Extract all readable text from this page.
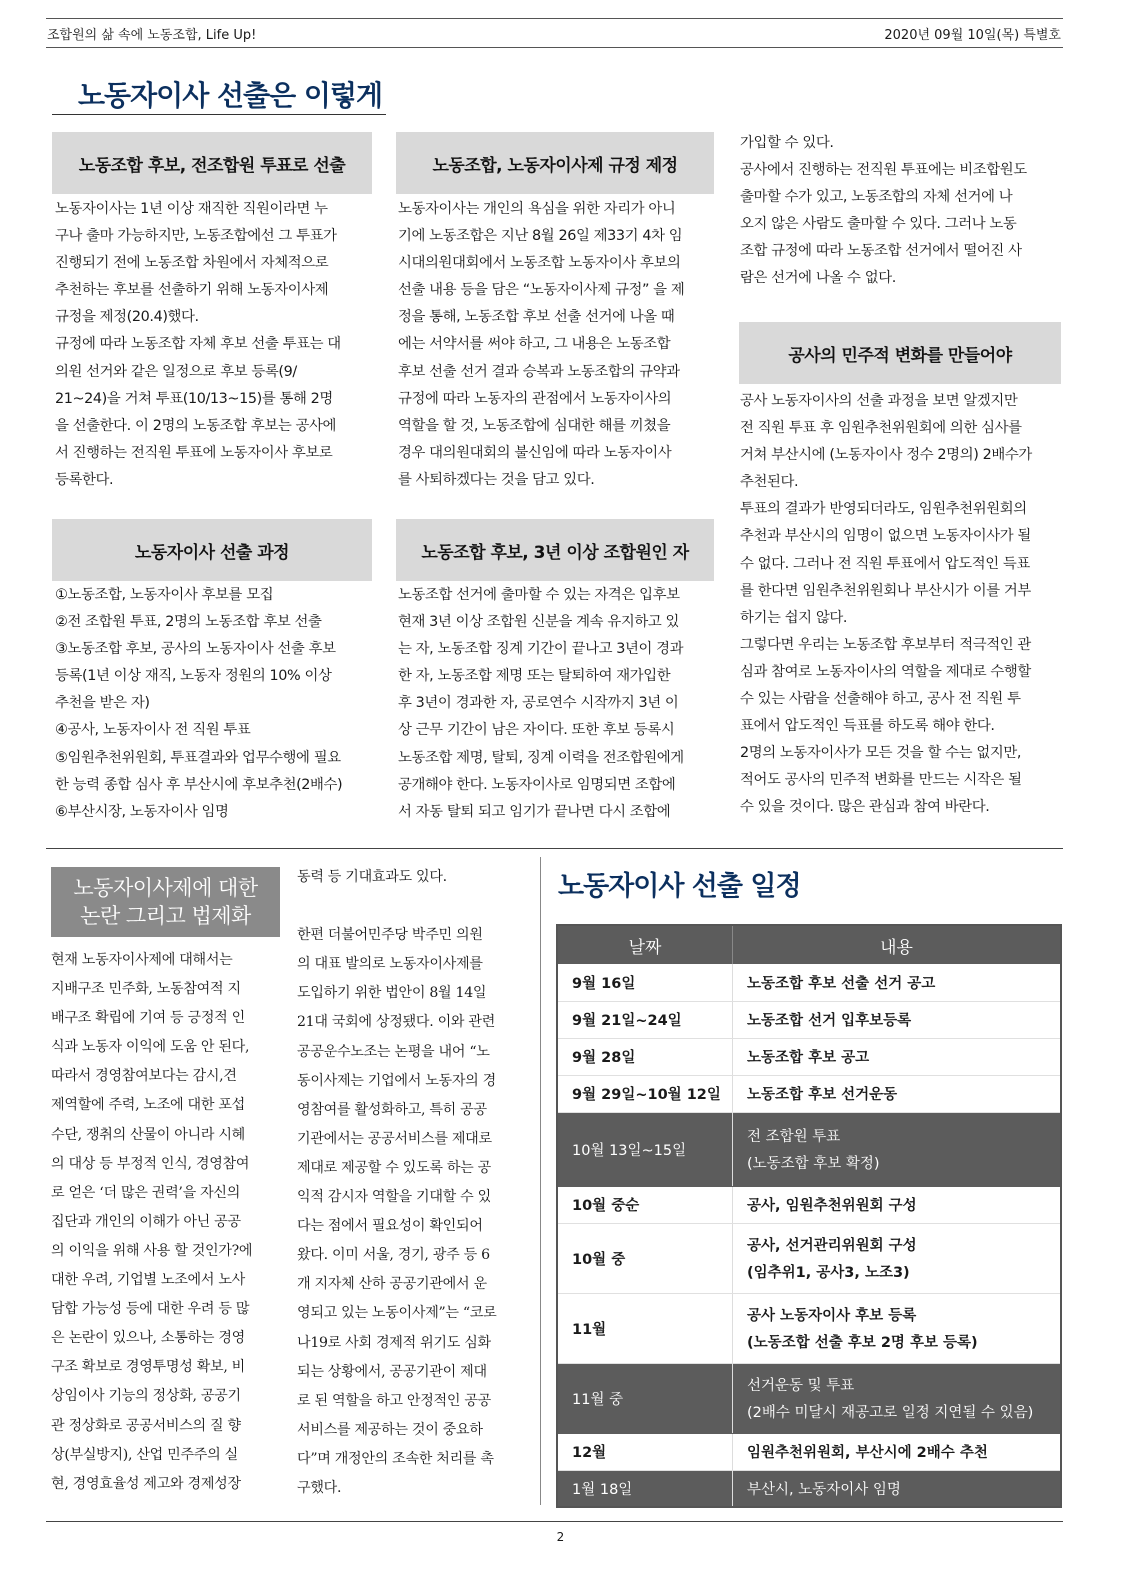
조합원의 삶 속에 노동조합, Life Up!	2020년 09월 10일(목) 특별호
노동자이사 선출은 이렇게
노동조합 후보, 전조합원 투표로 선출	노동조합, 노동자이사제 규정 제정
노동자이사 선출 과정	노동조합 후보, 3년 이상 조합원인 자
공사의 민주적 변화를 만들어야
노동자이사는 1년 이상 재직한 직원이라면 누
구나 출마 가능하지만, 노동조합에선 그 투표가
진행되기 전에 노동조합 차원에서 자체적으로
추천하는 후보를 선출하기 위해 노동자이사제
규정을 제정(20.4)했다.
규정에 따라 노동조합 자체 후보 선출 투표는 대
의원 선거와 같은 일정으로 후보 등록(9/
21~24)을 거쳐 투표(10/13~15)를 통해 2명
을 선출한다. 이 2명의 노동조합 후보는 공사에
서 진행하는 전직원 투표에 노동자이사 후보로
등록한다.
노동자이사는 개인의 욕심을 위한 자리가 아니
기에 노동조합은 지난 8월 26일 제33기 4차 임
시대의원대회에서 노동조합 노동자이사 후보의
선출 내용 등을 담은 “노동자이사제 규정” 을 제
정을 통해, 노동조합 후보 선출 선거에 나올 때
에는 서약서를 써야 하고, 그 내용은 노동조합
후보 선출 선거 결과 승복과 노동조합의 규약과
규정에 따라 노동자의 관점에서 노동자이사의
역할을 할 것, 노동조합에 심대한 해를 끼쳤을
경우 대의원대회의 불신임에 따라 노동자이사
를 사퇴하겠다는 것을 담고 있다.
①노동조합, 노동자이사 후보를 모집
②전 조합원 투표, 2명의 노동조합 후보 선출
③노동조합 후보, 공사의 노동자이사 선출 후보
등록(1년 이상 재직, 노동자 정원의 10% 이상
추천을 받은 자)
④공사, 노동자이사 전 직원 투표
⑤임원추천위원회, 투표결과와 업무수행에 필요
한 능력 종합 심사 후 부산시에 후보추천(2배수)
⑥부산시장, 노동자이사 임명
노동조합 선거에 출마할 수 있는 자격은 입후보
현재 3년 이상 조합원 신분을 계속 유지하고 있
는 자, 노동조합 징계 기간이 끝나고 3년이 경과
한 자, 노동조합 제명 또는 탈퇴하여 재가입한
후 3년이 경과한 자, 공로연수 시작까지 3년 이
상 근무 기간이 남은 자이다. 또한 후보 등록시
노동조합 제명, 탈퇴, 징계 이력을 전조합원에게
공개해야 한다. 노동자이사로 임명되면 조합에
서 자동 탈퇴 되고 임기가 끝나면 다시 조합에
가입할 수 있다.
공사에서 진행하는 전직원 투표에는 비조합원도
출마할 수가 있고, 노동조합의 자체 선거에 나
오지 않은 사람도 출마할 수 있다. 그러나 노동
조합 규정에 따라 노동조합 선거에서 떨어진 사
람은 선거에 나올 수 없다.
공사 노동자이사의 선출 과정을 보면 알겠지만
전 직원 투표 후 임원추천위원회에 의한 심사를
거쳐 부산시에 (노동자이사 정수 2명의) 2배수가
추천된다.
투표의 결과가 반영되더라도, 임원추천위원회의
추천과 부산시의 임명이 없으면 노동자이사가 될
수 없다. 그러나 전 직원 투표에서 압도적인 득표
를 한다면 임원추천위원회나 부산시가 이를 거부
하기는 쉽지 않다.
그렇다면 우리는 노동조합 후보부터 적극적인 관
심과 참여로 노동자이사의 역할을 제대로 수행할
수 있는 사람을 선출해야 하고, 공사 전 직원 투
표에서 압도적인 득표를 하도록 해야 한다.
2명의 노동자이사가 모든 것을 할 수는 없지만,
적어도 공사의 민주적 변화를 만드는 시작은 될
수 있을 것이다. 많은 관심과 참여 바란다.
노동자이사제에 대한
논란 그리고 법제화
현재 노동자이사제에 대해서는
지배구조 민주화, 노동참여적 지
배구조 확립에 기여 등 긍정적 인
식과 노동자 이익에 도움 안 된다,
따라서 경영참여보다는 감시,견
제역할에 주력, 노조에 대한 포섭
수단, 쟁취의 산물이 아니라 시혜
의 대상 등 부정적 인식, 경영참여
로 얻은 ‘더 많은 권력’을 자신의
집단과 개인의 이해가 아닌 공공
의 이익을 위해 사용 할 것인가?에
대한 우려, 기업별 노조에서 노사
담합 가능성 등에 대한 우려 등 많
은 논란이 있으나, 소통하는 경영
구조 확보로 경영투명성 확보, 비
상임이사 기능의 정상화, 공공기
관 정상화로 공공서비스의 질 향
상(부실방지), 산업 민주주의 실
현, 경영효율성 제고와 경제성장
동력 등 기대효과도 있다.
한편 더불어민주당 박주민 의원
의 대표 발의로 노동자이사제를
도입하기 위한 법안이 8월 14일
21대 국회에 상정됐다. 이와 관련
공공운수노조는 논평을 내어 “노
동이사제는 기업에서 노동자의 경
영참여를 활성화하고, 특히 공공
기관에서는 공공서비스를 제대로
제대로 제공할 수 있도록 하는 공
익적 감시자 역할을 기대할 수 있
다는 점에서 필요성이 확인되어
왔다. 이미 서울, 경기, 광주 등 6
개 지자체 산하 공공기관에서 운
영되고 있는 노동이사제”는 “코로
나19로 사회 경제적 위기도 심화
되는 상황에서, 공공기관이 제대
로 된 역할을 하고 안정적인 공공
서비스를 제공하는 것이 중요하
다”며 개정안의 조속한 처리를 촉
구했다.
노동자이사 선출 일정
날짜	내용
9월 16일	노동조합 후보 선출 선거 공고

9월 21일~24일	노동조합 선거 입후보등록

9월 28일	노동조합 후보 공고

9월 29일~10월 12일	노동조합 후보 선거운동

10월 13일~15일	전 조합원 투표
(노동조합 후보 확정)

10월 중순	공사, 임원추천위원회 구성

10월 중	공사, 선거관리위원회 구성
(임추위1, 공사3, 노조3)

11월	공사 노동자이사 후보 등록
(노동조합 선출 후보 2명 후보 등록)

11월 중	선거운동 및 투표
(2배수 미달시 재공고로 일정 지연될 수 있음)

12월	임원추천위원회, 부산시에 2배수 추천

1월 18일	부산시, 노동자이사 임명
2
